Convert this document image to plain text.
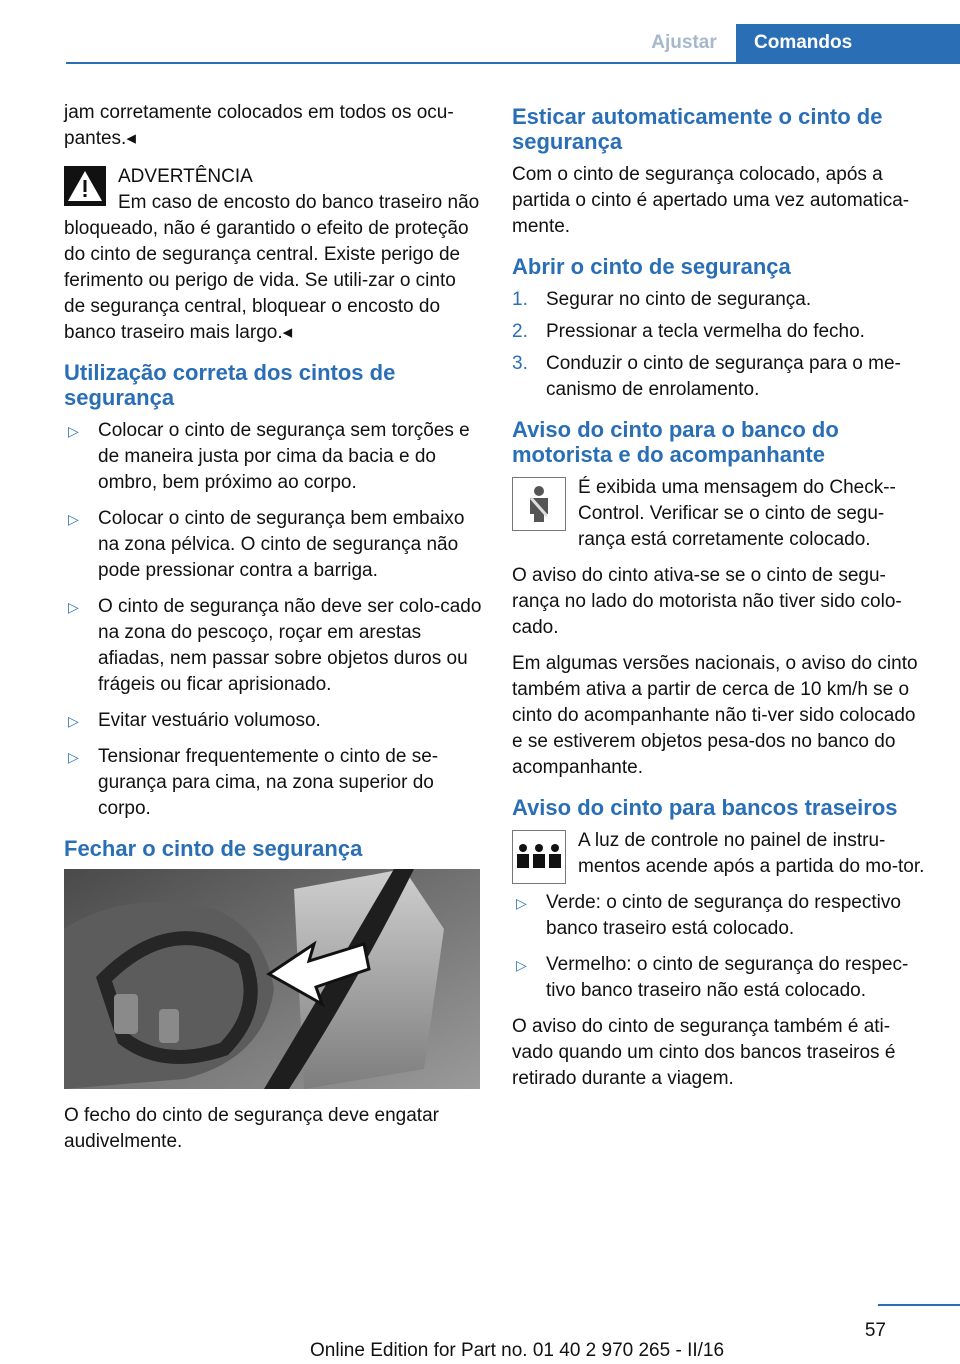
Ajustar	Comandos

jam corretamente colocados em todos os ocu-pantes.◂

ADVERTÊNCIA
Em caso de encosto do banco traseiro não bloqueado, não é garantido o efeito de proteção do cinto de segurança central. Existe perigo de ferimento ou perigo de vida. Se utili-zar o cinto de segurança central, bloquear o encosto do banco traseiro mais largo.◂
Utilização correta dos cintos de segurança
▷ Colocar o cinto de segurança sem torções e de maneira justa por cima da bacia e do ombro, bem próximo ao corpo.
▷ Colocar o cinto de segurança bem embaixo na zona pélvica. O cinto de segurança não pode pressionar contra a barriga.
▷ O cinto de segurança não deve ser colo-cado na zona do pescoço, roçar em arestas afiadas, nem passar sobre objetos duros ou frágeis ou ficar aprisionado.
▷ Evitar vestuário volumoso.
▷ Tensionar frequentemente o cinto de se-gurança para cima, na zona superior do corpo.
Fechar o cinto de segurança

O fecho do cinto de segurança deve engatar audivelmente.

Esticar automaticamente o cinto de segurança

Com o cinto de segurança colocado, após a partida o cinto é apertado uma vez automatica-mente.

Abrir o cinto de segurança
1. Segurar no cinto de segurança.
2. Pressionar a tecla vermelha do fecho.
3. Conduzir o cinto de segurança para o me-canismo de enrolamento.
Aviso do cinto para o banco do motorista e do acompanhante

É exibida uma mensagem do Check--Control. Verificar se o cinto de segu-rança está corretamente colocado.

O aviso do cinto ativa-se se o cinto de segu-rança no lado do motorista não tiver sido colo-cado.

Em algumas versões nacionais, o aviso do cinto também ativa a partir de cerca de 10 km/h se o cinto do acompanhante não ti-ver sido colocado e se estiverem objetos pesa-dos no banco do acompanhante.

Aviso do cinto para bancos traseiros

A luz de controle no painel de instru-mentos acende após a partida do mo-tor.

▷ Verde: o cinto de segurança do respectivo banco traseiro está colocado.
▷ Vermelho: o cinto de segurança do respec-tivo banco traseiro não está colocado.

O aviso do cinto de segurança também é ati-vado quando um cinto dos bancos traseiros é retirado durante a viagem.

57
Online Edition for Part no. 01 40 2 970 265 - II/16
